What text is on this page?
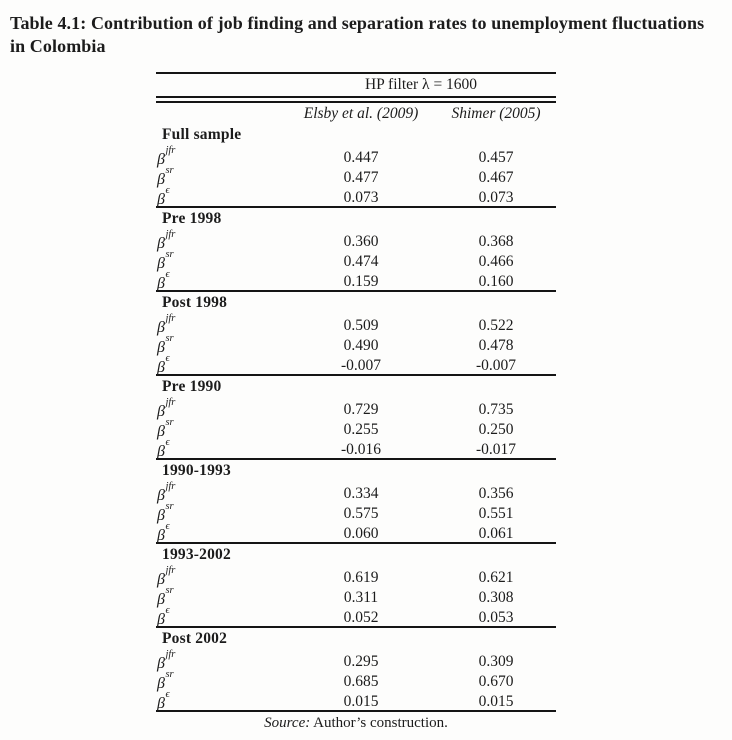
Table 4.1: Contribution of job finding and separation rates to unemployment fluctuations in Colombia

HP filter λ = 1600
Elsby et al. (2009)	Shimer (2005)
Full sample
$\beta^{jfr}$	0.447	0.457
$\beta^{sr}$	0.477	0.467
$\beta^\epsilon$	0.073	0.073
Pre 1998
$\beta^{jfr}$	0.360	0.368
$\beta^{sr}$	0.474	0.466
$\beta^\epsilon$	0.159	0.160
Post 1998
$\beta^{jfr}$	0.509	0.522
$\beta^{sr}$	0.490	0.478
$\beta^\epsilon$	-0.007	-0.007
Pre 1990
$\beta^{jfr}$	0.729	0.735
$\beta^{sr}$	0.255	0.250
$\beta^\epsilon$	-0.016	-0.017
1990-1993
$\beta^{jfr}$	0.334	0.356
$\beta^{sr}$	0.575	0.551
$\beta^\epsilon$	0.060	0.061
1993-2002
$\beta^{jfr}$	0.619	0.621
$\beta^{sr}$	0.311	0.308
$\beta^\epsilon$	0.052	0.053
Post 2002
$\beta^{jfr}$	0.295	0.309
$\beta^{sr}$	0.685	0.670
$\beta^\epsilon$	0.015	0.015
Source: Author’s construction.
